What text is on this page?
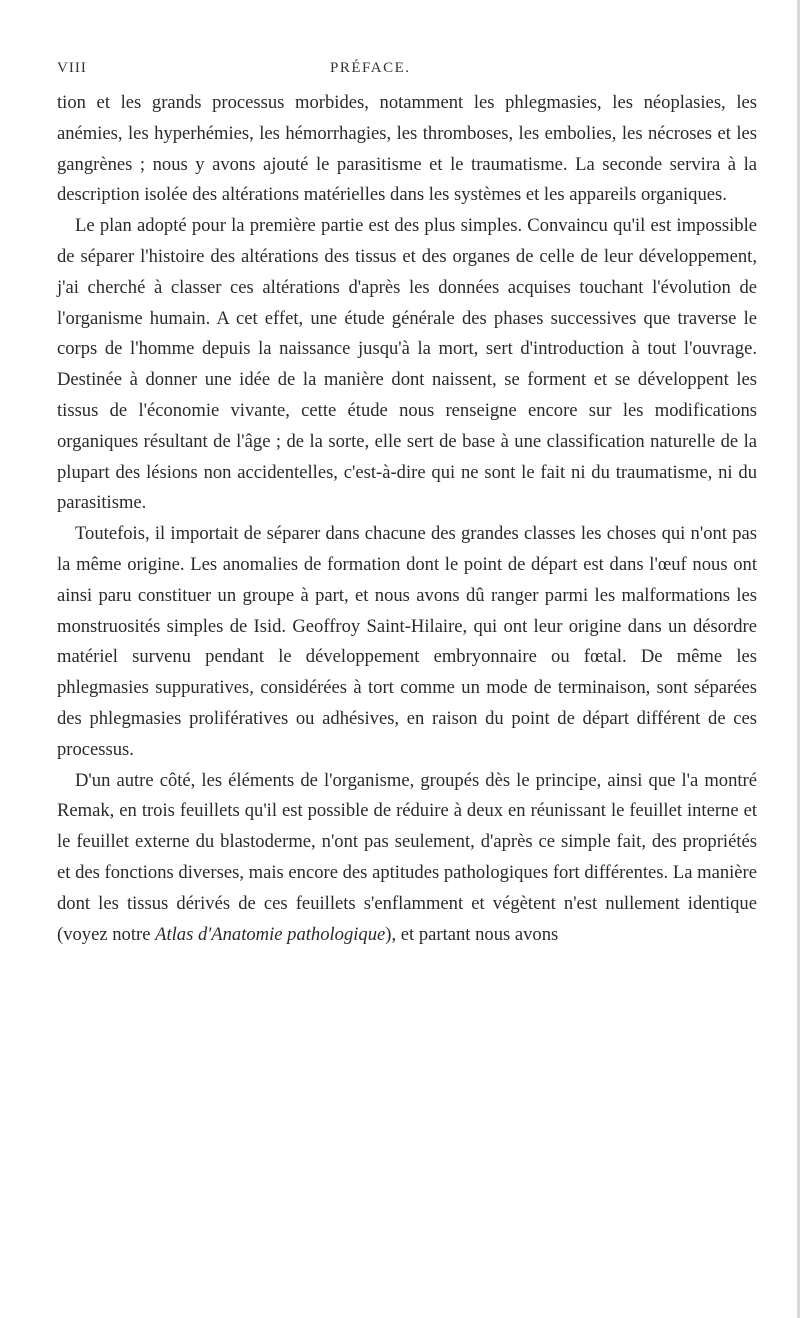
VIII	PRÉFACE.

tion et les grands processus morbides, notamment les phlegmasies, les néoplasies, les anémies, les hyperhémies, les hémorrhagies, les thromboses, les embolies, les nécroses et les gangrènes ; nous y avons ajouté le parasitisme et le traumatisme. La seconde servira à la description isolée des altérations matérielles dans les systèmes et les appareils organiques.

Le plan adopté pour la première partie est des plus simples. Convaincu qu'il est impossible de séparer l'histoire des altérations des tissus et des organes de celle de leur développement, j'ai cherché à classer ces altérations d'après les données acquises touchant l'évolution de l'organisme humain. A cet effet, une étude générale des phases successives que traverse le corps de l'homme depuis la naissance jusqu'à la mort, sert d'introduction à tout l'ouvrage. Destinée à donner une idée de la manière dont naissent, se forment et se développent les tissus de l'économie vivante, cette étude nous renseigne encore sur les modifications organiques résultant de l'âge ; de la sorte, elle sert de base à une classification naturelle de la plupart des lésions non accidentelles, c'est-à-dire qui ne sont le fait ni du traumatisme, ni du parasitisme.

Toutefois, il importait de séparer dans chacune des grandes classes les choses qui n'ont pas la même origine. Les anomalies de formation dont le point de départ est dans l'œuf nous ont ainsi paru constituer un groupe à part, et nous avons dû ranger parmi les malformations les monstruosités simples de Isid. Geoffroy Saint-Hilaire, qui ont leur origine dans un désordre matériel survenu pendant le développement embryonnaire ou fœtal. De même les phlegmasies suppuratives, considérées à tort comme un mode de terminaison, sont séparées des phlegmasies prolifératives ou adhésives, en raison du point de départ différent de ces processus.

D'un autre côté, les éléments de l'organisme, groupés dès le principe, ainsi que l'a montré Remak, en trois feuillets qu'il est possible de réduire à deux en réunissant le feuillet interne et le feuillet externe du blastoderme, n'ont pas seulement, d'après ce simple fait, des propriétés et des fonctions diverses, mais encore des aptitudes pathologiques fort différentes. La manière dont les tissus dérivés de ces feuillets s'enflamment et végètent n'est nullement identique (voyez notre Atlas d'Anatomie pathologique), et partant nous avons
